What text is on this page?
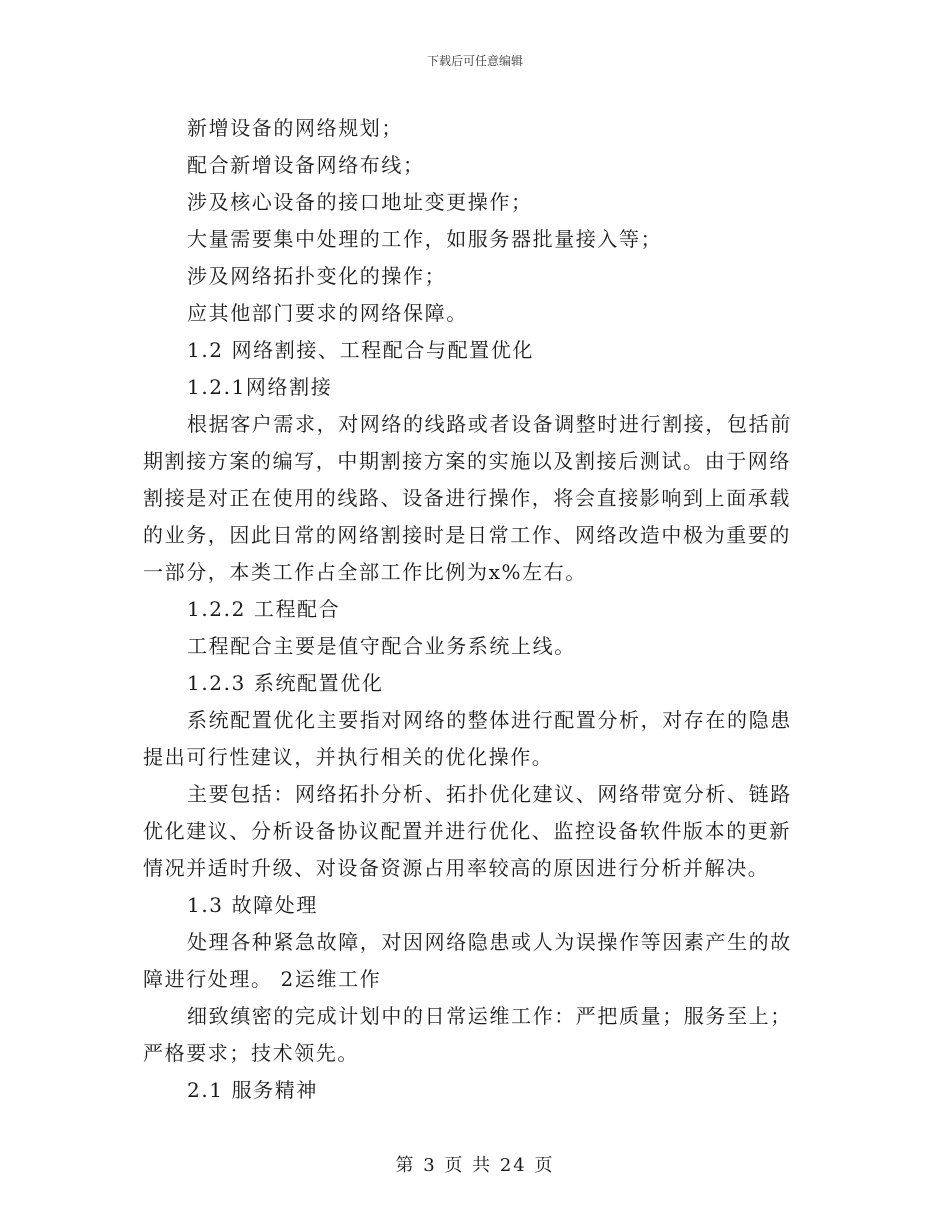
下载后可任意编辑
新增设备的网络规划；
配合新增设备网络布线；
涉及核心设备的接口地址变更操作；
大量需要集中处理的工作，如服务器批量接入等；
涉及网络拓扑变化的操作；
应其他部门要求的网络保障。
1.2 网络割接、工程配合与配置优化
1.2.1网络割接
根据客户需求，对网络的线路或者设备调整时进行割接，包括前
期割接方案的编写，中期割接方案的实施以及割接后测试。由于网络
割接是对正在使用的线路、设备进行操作，将会直接影响到上面承载
的业务，因此日常的网络割接时是日常工作、网络改造中极为重要的
一部分，本类工作占全部工作比例为x%左右。
1.2.2 工程配合
工程配合主要是值守配合业务系统上线。
1.2.3 系统配置优化
系统配置优化主要指对网络的整体进行配置分析，对存在的隐患
提出可行性建议，并执行相关的优化操作。
主要包括：网络拓扑分析、拓扑优化建议、网络带宽分析、链路
优化建议、分析设备协议配置并进行优化、监控设备软件版本的更新
情况并适时升级、对设备资源占用率较高的原因进行分析并解决。
1.3 故障处理
处理各种紧急故障，对因网络隐患或人为误操作等因素产生的故
障进行处理。 2运维工作
细致缜密的完成计划中的日常运维工作：严把质量；服务至上；
严格要求；技术领先。
2.1 服务精神
第 3 页 共 24 页
